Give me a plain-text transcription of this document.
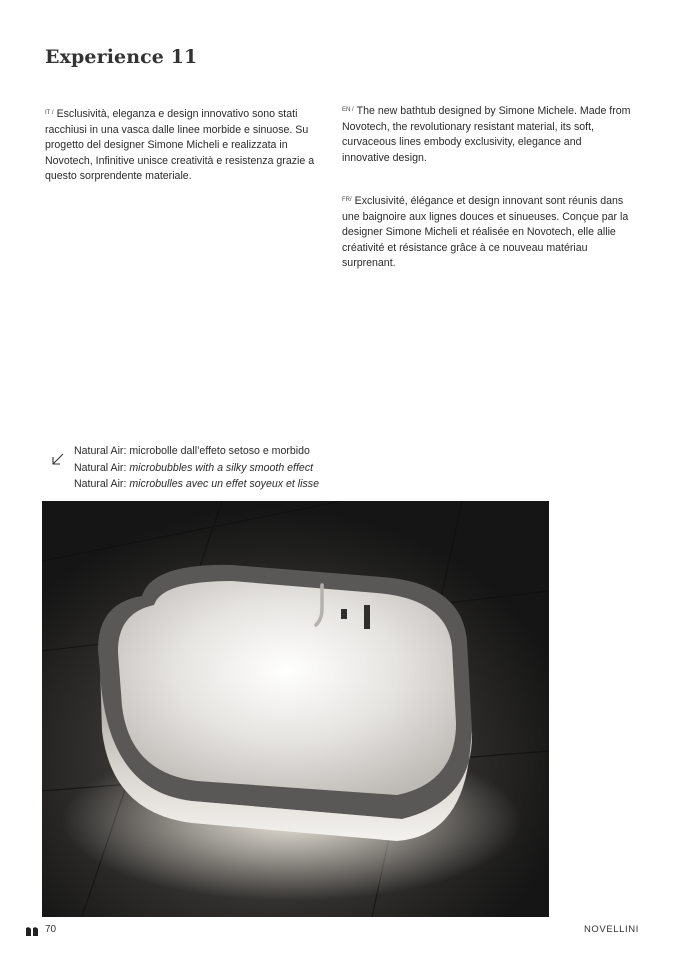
Experience 11

$^{IT /}$ Esclusività, eleganza e design innovativo sono stati racchiusi in una vasca dalle linee morbide e sinuose. Su progetto del designer Simone Micheli e realizzata in Novotech, Infinitive unisce creatività e resistenza grazie a questo sorprendente materiale.

$^{EN /}$ The new bathtub designed by Simone Michele. Made from Novotech, the revolutionary resistant material, its soft, curvaceous lines embody exclusivity, elegance and innovative design.

$^{FR/}$ Exclusivité, élégance et design innovant sont réunis dans une baignoire aux lignes douces et sinueuses. Conçue par la designer Simone Micheli et réalisée en Novotech, elle allie créativité et résistance grâce à ce nouveau matériau surprenant.

Natural Air: microbolle dall’effeto setoso e morbido
Natural Air: microbubbles with a silky smooth effect
Natural Air: microbulles avec un effet soyeux et lisse
70	NOVELLINI
